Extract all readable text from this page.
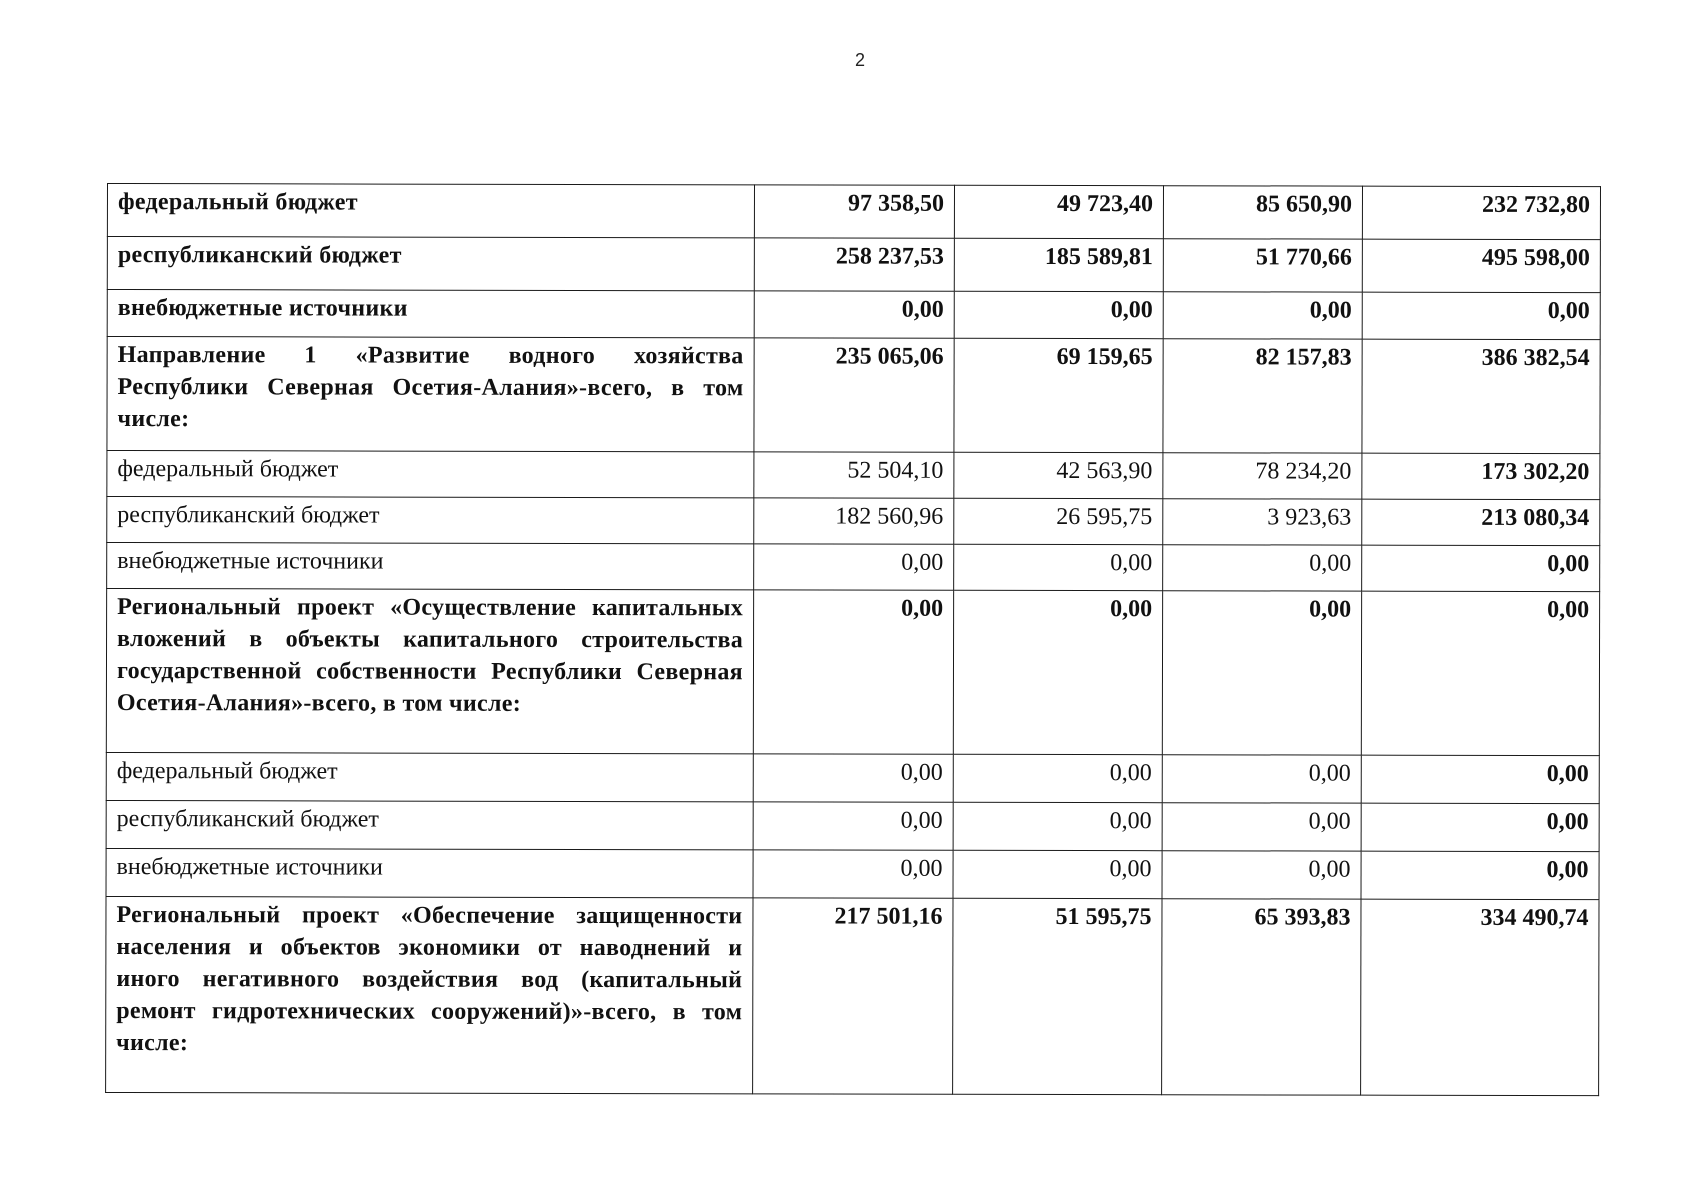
2
федеральный бюджет	97 358,50	49 723,40	85 650,90	232 732,80
республиканский бюджет	258 237,53	185 589,81	51 770,66	495 598,00
внебюджетные источники	0,00	0,00	0,00	0,00
Направление 1 «Развитие водного хозяйства Республики Северная Осетия-Алания»-всего, в том числе:	235 065,06	69 159,65	82 157,83	386 382,54
федеральный бюджет	52 504,10	42 563,90	78 234,20	173 302,20
республиканский бюджет	182 560,96	26 595,75	3 923,63	213 080,34
внебюджетные источники	0,00	0,00	0,00	0,00
Региональный проект «Осуществление капитальных вложений в объекты капитального строительства государственной собственности Республики Северная Осетия-Алания»-всего, в том числе:	0,00	0,00	0,00	0,00
федеральный бюджет	0,00	0,00	0,00	0,00
республиканский бюджет	0,00	0,00	0,00	0,00
внебюджетные источники	0,00	0,00	0,00	0,00
Региональный проект «Обеспечение защищенности населения и объектов экономики от наводнений и иного негативного воздействия вод (капитальный ремонт гидротехнических сооружений)»-всего, в том числе:	217 501,16	51 595,75	65 393,83	334 490,74
